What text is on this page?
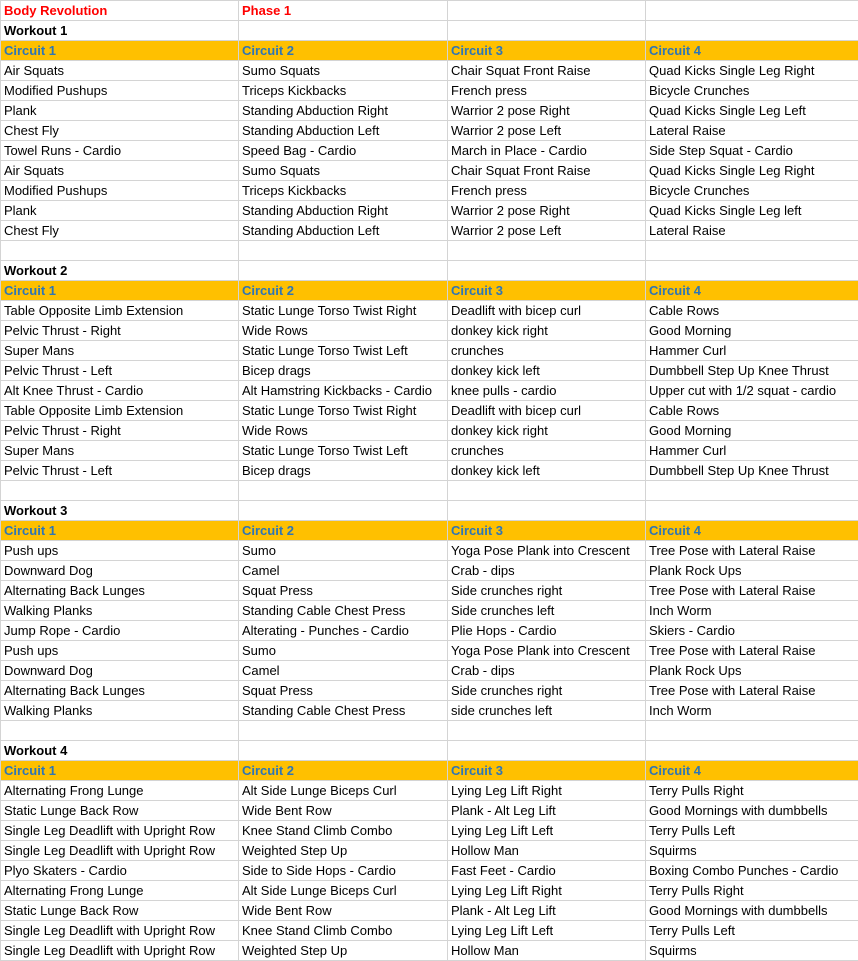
Body Revolution	Phase 1		
Workout 1			
Circuit 1	Circuit 2	Circuit 3	Circuit 4
Air Squats	Sumo Squats	Chair Squat Front Raise	Quad Kicks Single Leg Right
Modified Pushups	Triceps Kickbacks	French press	Bicycle Crunches
Plank	Standing Abduction Right	Warrior 2 pose Right	Quad Kicks Single Leg Left
Chest Fly	Standing Abduction Left	Warrior 2 pose Left	Lateral Raise
Towel Runs - Cardio	Speed Bag - Cardio	March in Place - Cardio	Side Step Squat - Cardio
Air Squats	Sumo Squats	Chair Squat Front Raise	Quad Kicks Single Leg Right
Modified Pushups	Triceps Kickbacks	French press	Bicycle Crunches
Plank	Standing Abduction Right	Warrior 2 pose Right	Quad Kicks Single Leg left
Chest Fly	Standing Abduction Left	Warrior 2 pose Left	Lateral Raise

Workout 2			
Circuit 1	Circuit 2	Circuit 3	Circuit 4
Table Opposite Limb Extension	Static Lunge Torso Twist Right	Deadlift with bicep curl	Cable Rows
Pelvic Thrust - Right	Wide Rows	donkey kick right	Good Morning
Super Mans	Static Lunge Torso Twist Left	crunches	Hammer Curl
Pelvic Thrust - Left	Bicep drags	donkey kick left	Dumbbell Step Up Knee Thrust
Alt Knee Thrust - Cardio	Alt Hamstring Kickbacks - Cardio	knee pulls - cardio	Upper cut with 1/2 squat - cardio
Table Opposite Limb Extension	Static Lunge Torso Twist Right	Deadlift with bicep curl	Cable Rows
Pelvic Thrust - Right	Wide Rows	donkey kick right	Good Morning
Super Mans	Static Lunge Torso Twist Left	crunches	Hammer Curl
Pelvic Thrust - Left	Bicep drags	donkey kick left	Dumbbell Step Up Knee Thrust

Workout 3			
Circuit 1	Circuit 2	Circuit 3	Circuit 4
Push ups	Sumo	Yoga Pose Plank into Crescent	Tree Pose with Lateral Raise
Downward Dog	Camel	Crab - dips	Plank Rock Ups
Alternating Back Lunges	Squat Press	Side crunches right	Tree Pose with Lateral Raise
Walking Planks	Standing Cable Chest Press	Side crunches left	Inch Worm
Jump Rope - Cardio	Alterating - Punches - Cardio	Plie Hops - Cardio	Skiers - Cardio
Push ups	Sumo	Yoga Pose Plank into Crescent	Tree Pose with Lateral Raise
Downward Dog	Camel	Crab - dips	Plank Rock Ups
Alternating Back Lunges	Squat Press	Side crunches right	Tree Pose with Lateral Raise
Walking Planks	Standing Cable Chest Press	side crunches left	Inch Worm

Workout 4			
Circuit 1	Circuit 2	Circuit 3	Circuit 4
Alternating Frong Lunge	Alt Side Lunge Biceps Curl	Lying Leg Lift Right	Terry Pulls Right
Static Lunge Back Row	Wide Bent Row	Plank - Alt Leg Lift	Good Mornings with dumbbells
Single Leg Deadlift with Upright Row	Knee Stand Climb Combo	Lying Leg Lift Left	Terry Pulls Left
Single Leg Deadlift with Upright Row	Weighted Step Up	Hollow Man	Squirms
Plyo Skaters - Cardio	Side to Side Hops - Cardio	Fast Feet - Cardio	Boxing Combo Punches - Cardio
Alternating Frong Lunge	Alt Side Lunge Biceps Curl	Lying Leg Lift Right	Terry Pulls Right
Static Lunge Back Row	Wide Bent Row	Plank - Alt Leg Lift	Good Mornings with dumbbells
Single Leg Deadlift with Upright Row	Knee Stand Climb Combo	Lying Leg Lift Left	Terry Pulls Left
Single Leg Deadlift with Upright Row	Weighted Step Up	Hollow Man	Squirms
